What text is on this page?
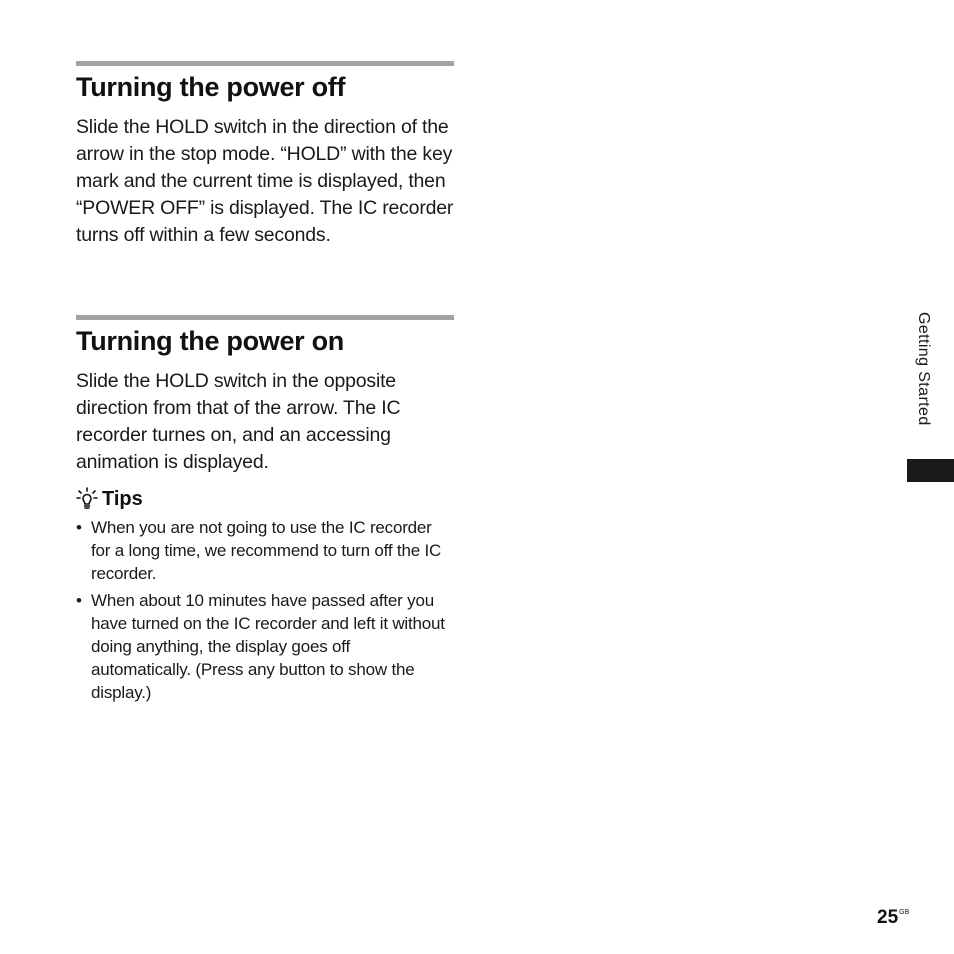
Turning the power off

Slide the HOLD switch in the direction of the arrow in the stop mode. “HOLD” with the key mark and the current time is displayed, then “POWER OFF” is displayed. The IC recorder turns off within a few seconds.

Turning the power on

Slide the HOLD switch in the opposite direction from that of the arrow. The IC recorder turnes on, and an accessing animation is displayed.

Tips
• When you are not going to use the IC recorder for a long time, we recommend to turn off the IC recorder.
• When about 10 minutes have passed after you have turned on the IC recorder and left it without doing anything, the display goes off automatically. (Press any button to show the display.)
Getting Started
$25^{GB}$
